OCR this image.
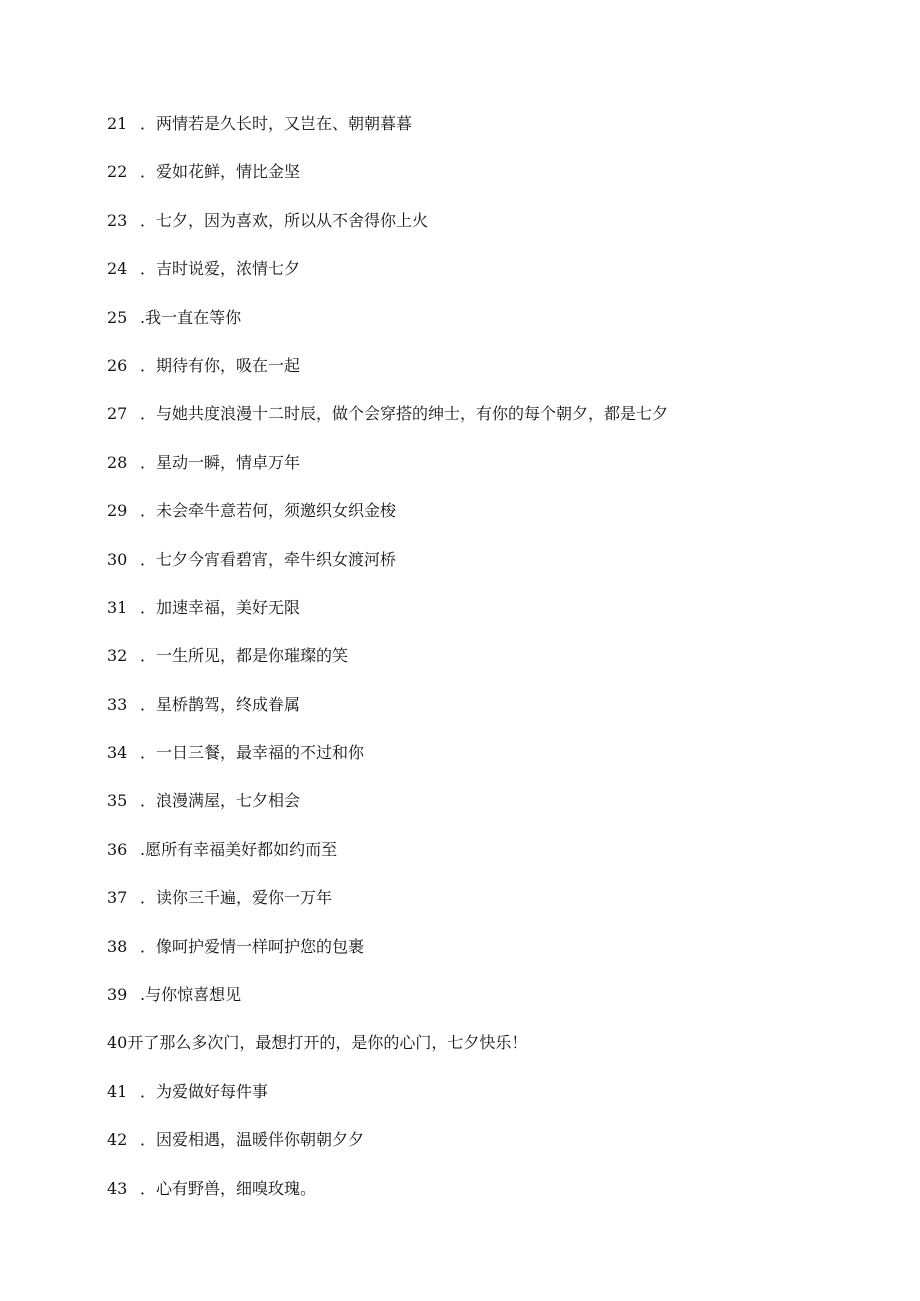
21 ．两情若是久长时，又岂在、朝朝暮暮
22 ．爱如花鲜，情比金坚
23 ．七夕，因为喜欢，所以从不舍得你上火
24 ．吉时说爱，浓情七夕
25 .我一直在等你
26 ．期待有你，吸在一起
27 ．与她共度浪漫十二时辰，做个会穿搭的绅士，有你的每个朝夕，都是七夕
28 ．星动一瞬，情卓万年
29 ．未会牵牛意若何，须邀织女织金梭
30 ．七夕今宵看碧宵，牵牛织女渡河桥
31 ．加速幸福，美好无限
32 ．一生所见，都是你璀璨的笑
33 ．星桥鹊驾，终成眷属
34 ．一日三餐，最幸福的不过和你
35 ．浪漫满屋，七夕相会
36 .愿所有幸福美好都如约而至
37 ．读你三千遍，爱你一万年
38 ．像呵护爱情一样呵护您的包裹
39 .与你惊喜想见
40 开了那么多次门，最想打开的，是你的心门，七夕快乐！
41 ．为爱做好每件事
42 ．因爱相遇，温暖伴你朝朝夕夕
43 ．心有野兽，细嗅玫瑰。
